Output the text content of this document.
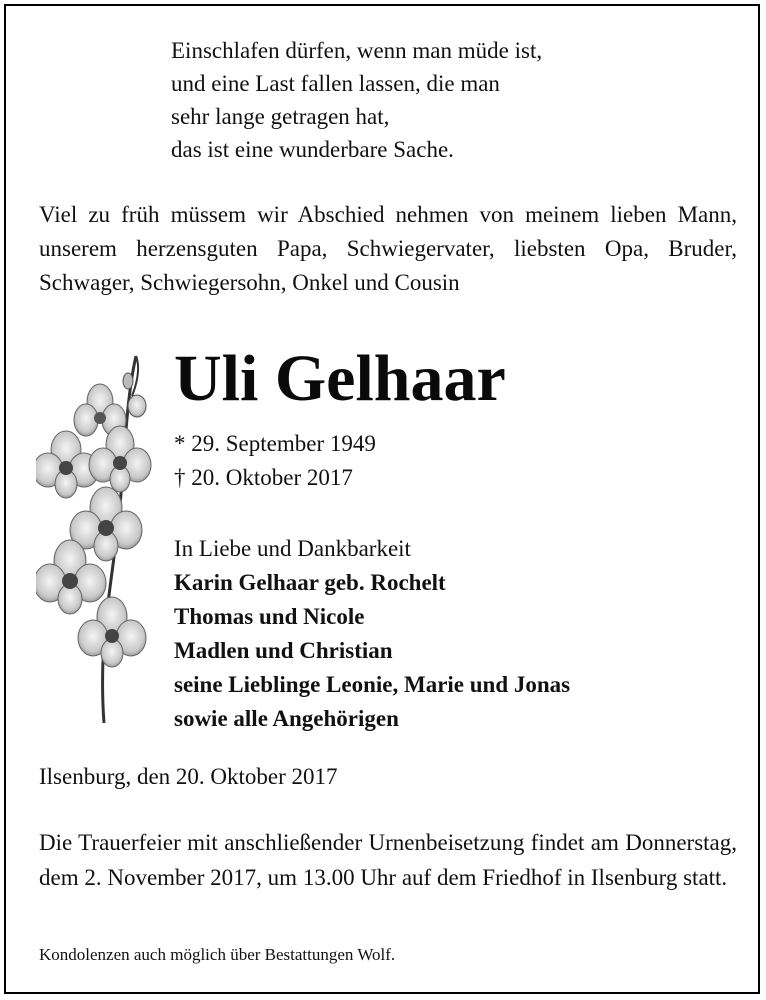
Einschlafen dürfen, wenn man müde ist,
und eine Last fallen lassen, die man
sehr lange getragen hat,
das ist eine wunderbare Sache.
Viel zu früh müssem wir Abschied nehmen von meinem lieben Mann, unserem herzensguten Papa, Schwiegervater, liebsten Opa, Bruder, Schwager, Schwiegersohn, Onkel und Cousin
Uli Gelhaar
* 29. September 1949
† 20. Oktober 2017
In Liebe und Dankbarkeit
Karin Gelhaar geb. Rochelt
Thomas und Nicole
Madlen und Christian
seine Lieblinge Leonie, Marie und Jonas
sowie alle Angehörigen
Ilsenburg, den 20. Oktober 2017
Die Trauerfeier mit anschließender Urnenbeisetzung findet am Donnerstag, dem 2. November 2017, um 13.00 Uhr auf dem Friedhof in Ilsenburg statt.
Kondolenzen auch möglich über Bestattungen Wolf.
